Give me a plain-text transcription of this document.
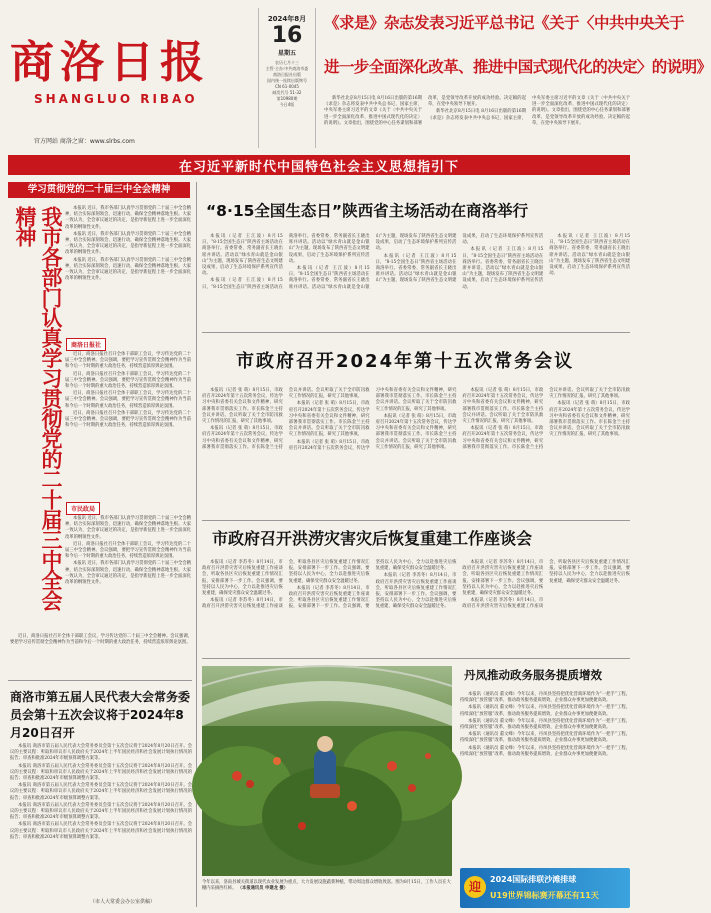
商洛日报
SHANGLUO RIBAO
官方网站 商洛之窗：www.slrbs.com
2024年8月
16
星期五
农历七月十三
主管·主办:中共商洛市委
商洛日报社出版
国内统一连续出版物号
CN 61-0045
邮发代号 51-32
第10980期
今日4版
《求是》杂志发表习近平总书记《关于〈中共中央关于
进一步全面深化改革、推进中国式现代化的决定〉的说明》

新华社北京8月15日电 8月16日出版的第16期《求是》杂志将发表中共中央总书记、国家主席、中央军委主席习近平的文章《关于〈中共中央关于进一步全面深化改革、推进中国式现代化的决定〉的说明》。文章指出，围绕党的中心任务谋划和部署改革，是党领导改革开放的成功经验。决定稿的起草，在党中央领导下展开。

新华社北京8月15日电 8月16日出版的第16期《求是》杂志将发表中共中央总书记、国家主席、中央军委主席习近平的文章《关于〈中共中央关于进一步全面深化改革、推进中国式现代化的决定〉的说明》。文章指出，围绕党的中心任务谋划和部署改革，是党领导改革开放的成功经验。决定稿的起草，在党中央领导下展开。

在习近平新时代中国特色社会主义思想指引下
学习贯彻党的二十届三中全会精神
我市各部门认真学习贯彻党的二十届三中全会精神	本报讯 近日，我市各部门认真学习贯彻党的二十届三中全会精神，结合实际深刻领会，迅速行动，确保全会精神落地生根。大家一致认为，全会审议通过的决定，是指导新征程上进一步全面深化改革的纲领性文件。

本报讯 近日，我市各部门认真学习贯彻党的二十届三中全会精神，结合实际深刻领会，迅速行动，确保全会精神落地生根。大家一致认为，全会审议通过的决定，是指导新征程上进一步全面深化改革的纲领性文件。

本报讯 近日，我市各部门认真学习贯彻党的二十届三中全会精神，结合实际深刻领会，迅速行动，确保全会精神落地生根。大家一致认为，全会审议通过的决定，是指导新征程上进一步全面深化改革的纲领性文件。

商洛日报社

近日，商洛日报社召开全体干部职工会议，学习传达党的二十届三中全会精神。会议强调，要把学习宣传贯彻全会精神作为当前和今后一个时期的重大政治任务，持续营造浓厚舆论氛围。

近日，商洛日报社召开全体干部职工会议，学习传达党的二十届三中全会精神。会议强调，要把学习宣传贯彻全会精神作为当前和今后一个时期的重大政治任务，持续营造浓厚舆论氛围。

近日，商洛日报社召开全体干部职工会议，学习传达党的二十届三中全会精神。会议强调，要把学习宣传贯彻全会精神作为当前和今后一个时期的重大政治任务，持续营造浓厚舆论氛围。

近日，商洛日报社召开全体干部职工会议，学习传达党的二十届三中全会精神。会议强调，要把学习宣传贯彻全会精神作为当前和今后一个时期的重大政治任务，持续营造浓厚舆论氛围。

市民政局

本报讯 近日，我市各部门认真学习贯彻党的二十届三中全会精神，结合实际深刻领会，迅速行动，确保全会精神落地生根。大家一致认为，全会审议通过的决定，是指导新征程上进一步全面深化改革的纲领性文件。

近日，商洛日报社召开全体干部职工会议，学习传达党的二十届三中全会精神。会议强调，要把学习宣传贯彻全会精神作为当前和今后一个时期的重大政治任务，持续营造浓厚舆论氛围。

本报讯 近日，我市各部门认真学习贯彻党的二十届三中全会精神，结合实际深刻领会，迅速行动，确保全会精神落地生根。大家一致认为，全会审议通过的决定，是指导新征程上进一步全面深化改革的纲领性文件。

近日，商洛日报社召开全体干部职工会议，学习传达党的二十届三中全会精神。会议强调，要把学习宣传贯彻全会精神作为当前和今后一个时期的重大政治任务，持续营造浓厚舆论氛围。

商洛市第五届人民代表大会常务委员会第十五次会议将于2024年8月20日召开

本报讯 商洛市第五届人民代表大会常务委员会第十五次会议将于2024年8月20日召开。会议的主要议程：听取和审议市人民政府关于2024年上半年国民经济和社会发展计划执行情况的报告；审查和批准2024年市级预算调整方案等。

本报讯 商洛市第五届人民代表大会常务委员会第十五次会议将于2024年8月20日召开。会议的主要议程：听取和审议市人民政府关于2024年上半年国民经济和社会发展计划执行情况的报告；审查和批准2024年市级预算调整方案等。

本报讯 商洛市第五届人民代表大会常务委员会第十五次会议将于2024年8月20日召开。会议的主要议程：听取和审议市人民政府关于2024年上半年国民经济和社会发展计划执行情况的报告；审查和批准2024年市级预算调整方案等。

本报讯 商洛市第五届人民代表大会常务委员会第十五次会议将于2024年8月20日召开。会议的主要议程：听取和审议市人民政府关于2024年上半年国民经济和社会发展计划执行情况的报告；审查和批准2024年市级预算调整方案等。

本报讯 商洛市第五届人民代表大会常务委员会第十五次会议将于2024年8月20日召开。会议的主要议程：听取和审议市人民政府关于2024年上半年国民经济和社会发展计划执行情况的报告；审查和批准2024年市级预算调整方案等。

（市人大常委会办公室供稿）
“8·15全国生态日”陕西省主场活动在商洛举行

本报讯（记者 王江波）8月15日，“8·15全国生态日”陕西省主场活动在商洛举行。省委常委、常务副省长王晓出席并讲话。活动以“绿水青山就是金山银山”为主题，现场发布了陕西省生态文明建设成果，启动了生态环境保护系列宣传活动。

本报讯（记者 王江波）8月15日，“8·15全国生态日”陕西省主场活动在商洛举行。省委常委、常务副省长王晓出席并讲话。活动以“绿水青山就是金山银山”为主题，现场发布了陕西省生态文明建设成果，启动了生态环境保护系列宣传活动。

本报讯（记者 王江波）8月15日，“8·15全国生态日”陕西省主场活动在商洛举行。省委常委、常务副省长王晓出席并讲话。活动以“绿水青山就是金山银山”为主题，现场发布了陕西省生态文明建设成果，启动了生态环境保护系列宣传活动。

本报讯（记者 王江波）8月15日，“8·15全国生态日”陕西省主场活动在商洛举行。省委常委、常务副省长王晓出席并讲话。活动以“绿水青山就是金山银山”为主题，现场发布了陕西省生态文明建设成果，启动了生态环境保护系列宣传活动。

本报讯（记者 王江波）8月15日，“8·15全国生态日”陕西省主场活动在商洛举行。省委常委、常务副省长王晓出席并讲话。活动以“绿水青山就是金山银山”为主题，现场发布了陕西省生态文明建设成果，启动了生态环境保护系列宣传活动。

本报讯（记者 王江波）8月15日，“8·15全国生态日”陕西省主场活动在商洛举行。省委常委、常务副省长王晓出席并讲话。活动以“绿水青山就是金山银山”为主题，现场发布了陕西省生态文明建设成果，启动了生态环境保护系列宣传活动。

市政府召开2024年第十五次常务会议

本报讯（记者 张 萌）8月15日，市政府召开2024年第十五次常务会议，传达学习中央和省委有关会议和文件精神，研究部署我市贯彻落实工作。市长陈金兰主持会议并讲话。会议听取了关于全市防汛救灾工作情况的汇报，研究了其他事项。

本报讯（记者 张 萌）8月15日，市政府召开2024年第十五次常务会议，传达学习中央和省委有关会议和文件精神，研究部署我市贯彻落实工作。市长陈金兰主持会议并讲话。会议听取了关于全市防汛救灾工作情况的汇报，研究了其他事项。

本报讯（记者 张 萌）8月15日，市政府召开2024年第十五次常务会议，传达学习中央和省委有关会议和文件精神，研究部署我市贯彻落实工作。市长陈金兰主持会议并讲话。会议听取了关于全市防汛救灾工作情况的汇报，研究了其他事项。

本报讯（记者 张 萌）8月15日，市政府召开2024年第十五次常务会议，传达学习中央和省委有关会议和文件精神，研究部署我市贯彻落实工作。市长陈金兰主持会议并讲话。会议听取了关于全市防汛救灾工作情况的汇报，研究了其他事项。

本报讯（记者 张 萌）8月15日，市政府召开2024年第十五次常务会议，传达学习中央和省委有关会议和文件精神，研究部署我市贯彻落实工作。市长陈金兰主持会议并讲话。会议听取了关于全市防汛救灾工作情况的汇报，研究了其他事项。

本报讯（记者 张 萌）8月15日，市政府召开2024年第十五次常务会议，传达学习中央和省委有关会议和文件精神，研究部署我市贯彻落实工作。市长陈金兰主持会议并讲话。会议听取了关于全市防汛救灾工作情况的汇报，研究了其他事项。

本报讯（记者 张 萌）8月15日，市政府召开2024年第十五次常务会议，传达学习中央和省委有关会议和文件精神，研究部署我市贯彻落实工作。市长陈金兰主持会议并讲话。会议听取了关于全市防汛救灾工作情况的汇报，研究了其他事项。

本报讯（记者 张 萌）8月15日，市政府召开2024年第十五次常务会议，传达学习中央和省委有关会议和文件精神，研究部署我市贯彻落实工作。市长陈金兰主持会议并讲话。会议听取了关于全市防汛救灾工作情况的汇报，研究了其他事项。

市政府召开洪涝灾害灾后恢复重建工作座谈会

本报讯（记者 李苏冬）8月14日，市政府召开洪涝灾害灾后恢复重建工作座谈会，听取各县区灾后恢复重建工作情况汇报，安排部署下一步工作。会议强调，要坚持以人民为中心，全力以赴推进灾后恢复重建，确保受灾群众安全温暖过冬。

本报讯（记者 李苏冬）8月14日，市政府召开洪涝灾害灾后恢复重建工作座谈会，听取各县区灾后恢复重建工作情况汇报，安排部署下一步工作。会议强调，要坚持以人民为中心，全力以赴推进灾后恢复重建，确保受灾群众安全温暖过冬。

本报讯（记者 李苏冬）8月14日，市政府召开洪涝灾害灾后恢复重建工作座谈会，听取各县区灾后恢复重建工作情况汇报，安排部署下一步工作。会议强调，要坚持以人民为中心，全力以赴推进灾后恢复重建，确保受灾群众安全温暖过冬。

本报讯（记者 李苏冬）8月14日，市政府召开洪涝灾害灾后恢复重建工作座谈会，听取各县区灾后恢复重建工作情况汇报，安排部署下一步工作。会议强调，要坚持以人民为中心，全力以赴推进灾后恢复重建，确保受灾群众安全温暖过冬。

本报讯（记者 李苏冬）8月14日，市政府召开洪涝灾害灾后恢复重建工作座谈会，听取各县区灾后恢复重建工作情况汇报，安排部署下一步工作。会议强调，要坚持以人民为中心，全力以赴推进灾后恢复重建，确保受灾群众安全温暖过冬。

本报讯（记者 李苏冬）8月14日，市政府召开洪涝灾害灾后恢复重建工作座谈会，听取各县区灾后恢复重建工作情况汇报，安排部署下一步工作。会议强调，要坚持以人民为中心，全力以赴推进灾后恢复重建，确保受灾群众安全温暖过冬。

今年以来，洛南县城关街道以现代农业发展为重点，大力发展设施蔬菜种植，带动周边群众增收致富。图为8月15日，工作人员在大棚内采摘西红柿。 （本报通讯员 申建龙 摄）
丹凤推动政务服务提质增效

本报讯（通讯员 董文峰）今年以来，丹凤县坚持把优化营商环境作为“一把手”工程，持续深化“放管服”改革，推动政务服务提质增效，企业群众办事更加便捷高效。

本报讯（通讯员 董文峰）今年以来，丹凤县坚持把优化营商环境作为“一把手”工程，持续深化“放管服”改革，推动政务服务提质增效，企业群众办事更加便捷高效。

本报讯（通讯员 董文峰）今年以来，丹凤县坚持把优化营商环境作为“一把手”工程，持续深化“放管服”改革，推动政务服务提质增效，企业群众办事更加便捷高效。

本报讯（通讯员 董文峰）今年以来，丹凤县坚持把优化营商环境作为“一把手”工程，持续深化“放管服”改革，推动政务服务提质增效，企业群众办事更加便捷高效。

本报讯（通讯员 董文峰）今年以来，丹凤县坚持把优化营商环境作为“一把手”工程，持续深化“放管服”改革，推动政务服务提质增效，企业群众办事更加便捷高效。

迎
2024国际排联沙滩排球
U19世界锦标赛开幕还有11天
